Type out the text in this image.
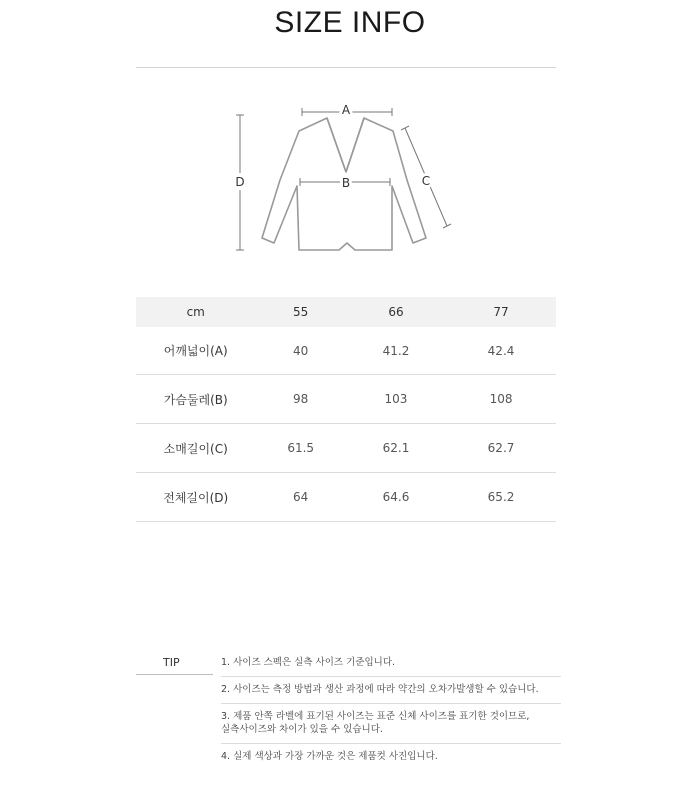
SIZE INFO
A
B	C
D
cm	55	66	77
어깨넓이(A)	40	41.2	42.4
가슴둘레(B)	98	103	108
소매길이(C)	61.5	62.1	62.7
전체길이(D)	64	64.6	65.2
TIP	1. 사이즈 스펙은 실측 사이즈 기준입니다.
2. 사이즈는 측정 방법과 생산 과정에 따라 약간의 오차가발생할 수 있습니다.
3. 제품 안쪽 라벨에 표기된 사이즈는 표준 신체 사이즈를 표기한 것이므로,
실측사이즈와 차이가 있을 수 있습니다.
4. 실제 색상과 가장 가까운 것은 제품컷 사진입니다.
